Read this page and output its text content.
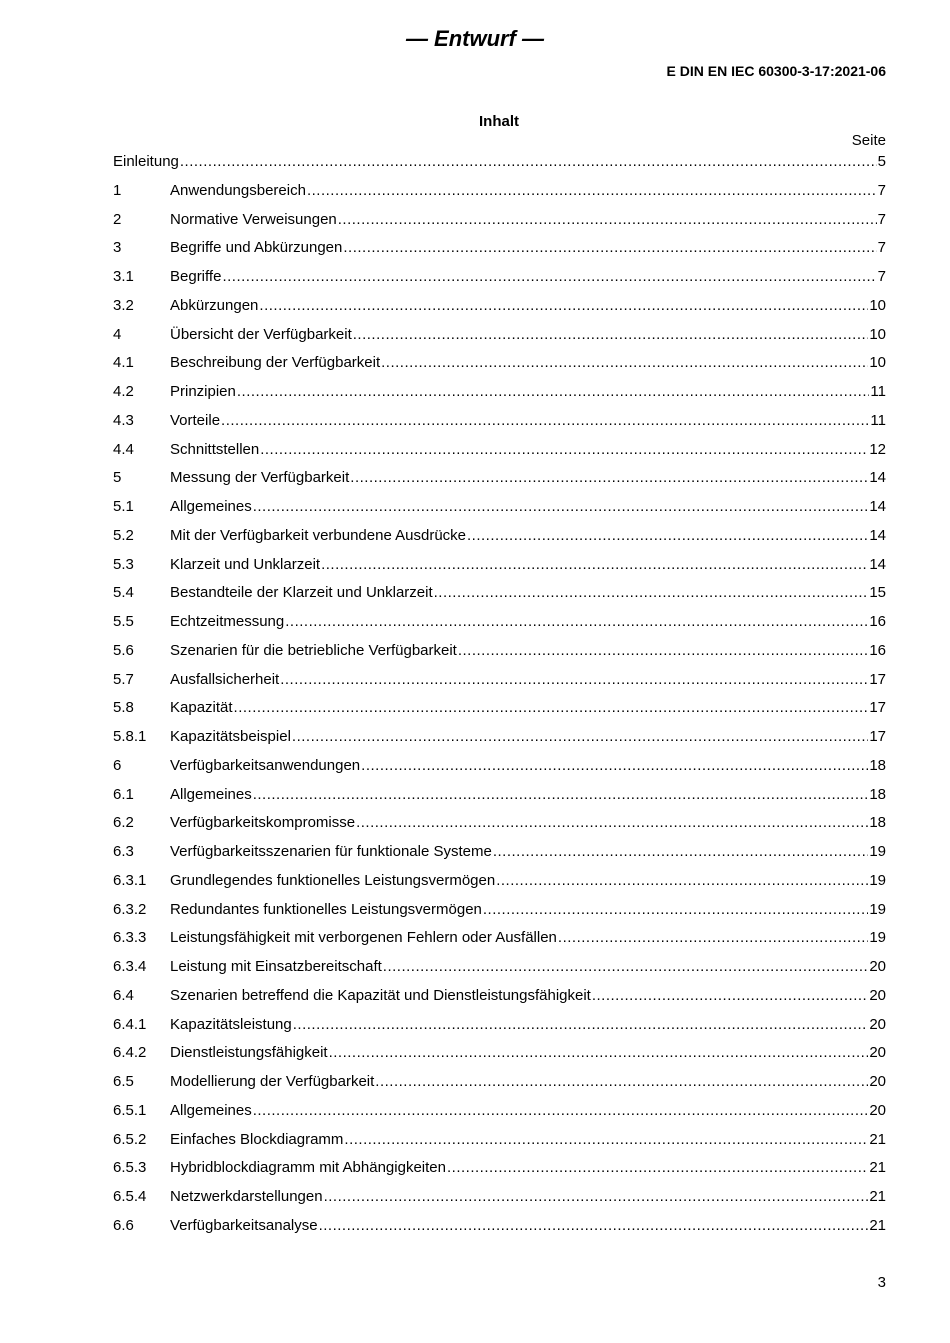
— Entwurf —
E DIN EN IEC 60300-3-17:2021-06
Inhalt
Seite
Einleitung .....	5
1	Anwendungsbereich .....	7
2	Normative Verweisungen .....	7
3	Begriffe und Abkürzungen .....	7
3.1	Begriffe .....	7
3.2	Abkürzungen .....	10
4	Übersicht der Verfügbarkeit .....	10
4.1	Beschreibung der Verfügbarkeit .....	10
4.2	Prinzipien .....	11
4.3	Vorteile .....	11
4.4	Schnittstellen .....	12
5	Messung der Verfügbarkeit .....	14
5.1	Allgemeines .....	14
5.2	Mit der Verfügbarkeit verbundene Ausdrücke .....	14
5.3	Klarzeit und Unklarzeit .....	14
5.4	Bestandteile der Klarzeit und Unklarzeit .....	15
5.5	Echtzeitmessung .....	16
5.6	Szenarien für die betriebliche Verfügbarkeit .....	16
5.7	Ausfallsicherheit .....	17
5.8	Kapazität .....	17
5.8.1	Kapazitätsbeispiel .....	17
6	Verfügbarkeitsanwendungen .....	18
6.1	Allgemeines .....	18
6.2	Verfügbarkeitskompromisse .....	18
6.3	Verfügbarkeitsszenarien für funktionale Systeme .....	19
6.3.1	Grundlegendes funktionelles Leistungsvermögen .....	19
6.3.2	Redundantes funktionelles Leistungsvermögen .....	19
6.3.3	Leistungsfähigkeit mit verborgenen Fehlern oder Ausfällen .....	19
6.3.4	Leistung mit Einsatzbereitschaft .....	20
6.4	Szenarien betreffend die Kapazität und Dienstleistungsfähigkeit .....	20
6.4.1	Kapazitätsleistung .....	20
6.4.2	Dienstleistungsfähigkeit .....	20
6.5	Modellierung der Verfügbarkeit .....	20
6.5.1	Allgemeines .....	20
6.5.2	Einfaches Blockdiagramm .....	21
6.5.3	Hybridblockdiagramm mit Abhängigkeiten .....	21
6.5.4	Netzwerkdarstellungen .....	21
6.6	Verfügbarkeitsanalyse .....	21
3
